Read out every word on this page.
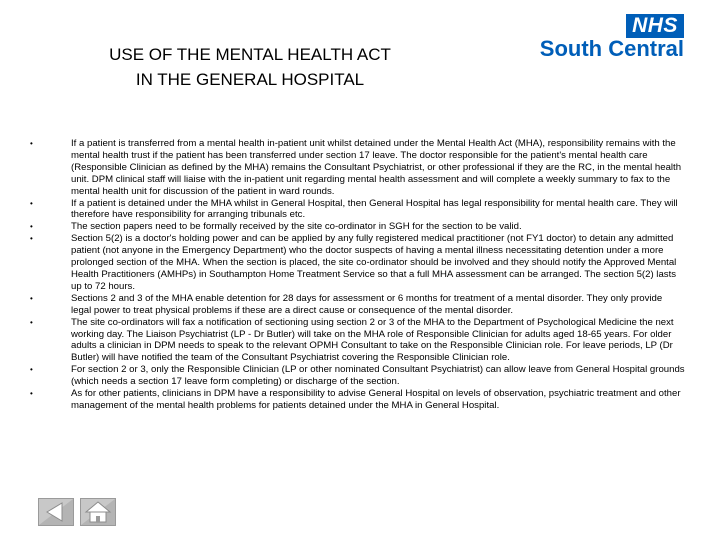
USE OF THE MENTAL HEALTH ACT
IN THE GENERAL HOSPITAL
NHS
South Central
•	If a patient is transferred from a mental health in-patient unit whilst detained under the Mental Health Act (MHA), responsibility remains with the mental health trust if the patient has been transferred under section 17 leave. The doctor responsible for the patient's mental health care (Responsible Clinician as defined by the MHA) remains the Consultant Psychiatrist, or other professional if they are the RC, in the mental health unit. DPM clinical staff will liaise with the in-patient unit regarding mental health assessment and will complete a weekly summary to fax to the mental health unit for discussion of the patient in ward rounds.
•	If a patient is detained under the MHA whilst in General Hospital, then General Hospital has legal responsibility for mental health care. They will therefore have responsibility for arranging tribunals etc.
•	The section papers need to be formally received by the site co-ordinator in SGH for the section to be valid.
•	Section 5(2) is a doctor's holding power and can be applied by any fully registered medical practitioner (not FY1 doctor) to detain any admitted patient (not anyone in the Emergency Department) who the doctor suspects of having a mental illness necessitating detention under a more prolonged section of the MHA. When the section is placed, the site co-ordinator should be involved and they should notify the Approved Mental Health Practitioners (AMHPs) in Southampton Home Treatment Service so that a full MHA assessment can be arranged. The section 5(2) lasts up to 72 hours.
•	Sections 2 and 3 of the MHA enable detention for 28 days for assessment or 6 months for treatment of a mental disorder. They only provide legal power to treat physical problems if these are a direct cause or consequence of the mental disorder.
•	The site co-ordinators will fax a notification of sectioning using section 2 or 3 of the MHA to the Department of Psychological Medicine the next working day. The Liaison Psychiatrist (LP - Dr Butler) will take on the MHA role of Responsible Clinician for adults aged 18-65 years. For older adults a clinician in DPM needs to speak to the relevant OPMH Consultant to take on the Responsible Clinician role. For leave periods, LP (Dr Butler) will have notified the team of the Consultant Psychiatrist covering the Responsible Clinician role.
•	For section 2 or 3, only the Responsible Clinician (LP or other nominated Consultant Psychiatrist) can allow leave from General Hospital grounds (which needs a section 17 leave form completing) or discharge of the section.
•	As for other patients, clinicians in DPM have a responsibility to advise General Hospital on levels of observation, psychiatric treatment and other management of the mental health problems for patients detained under the MHA in General Hospital.
